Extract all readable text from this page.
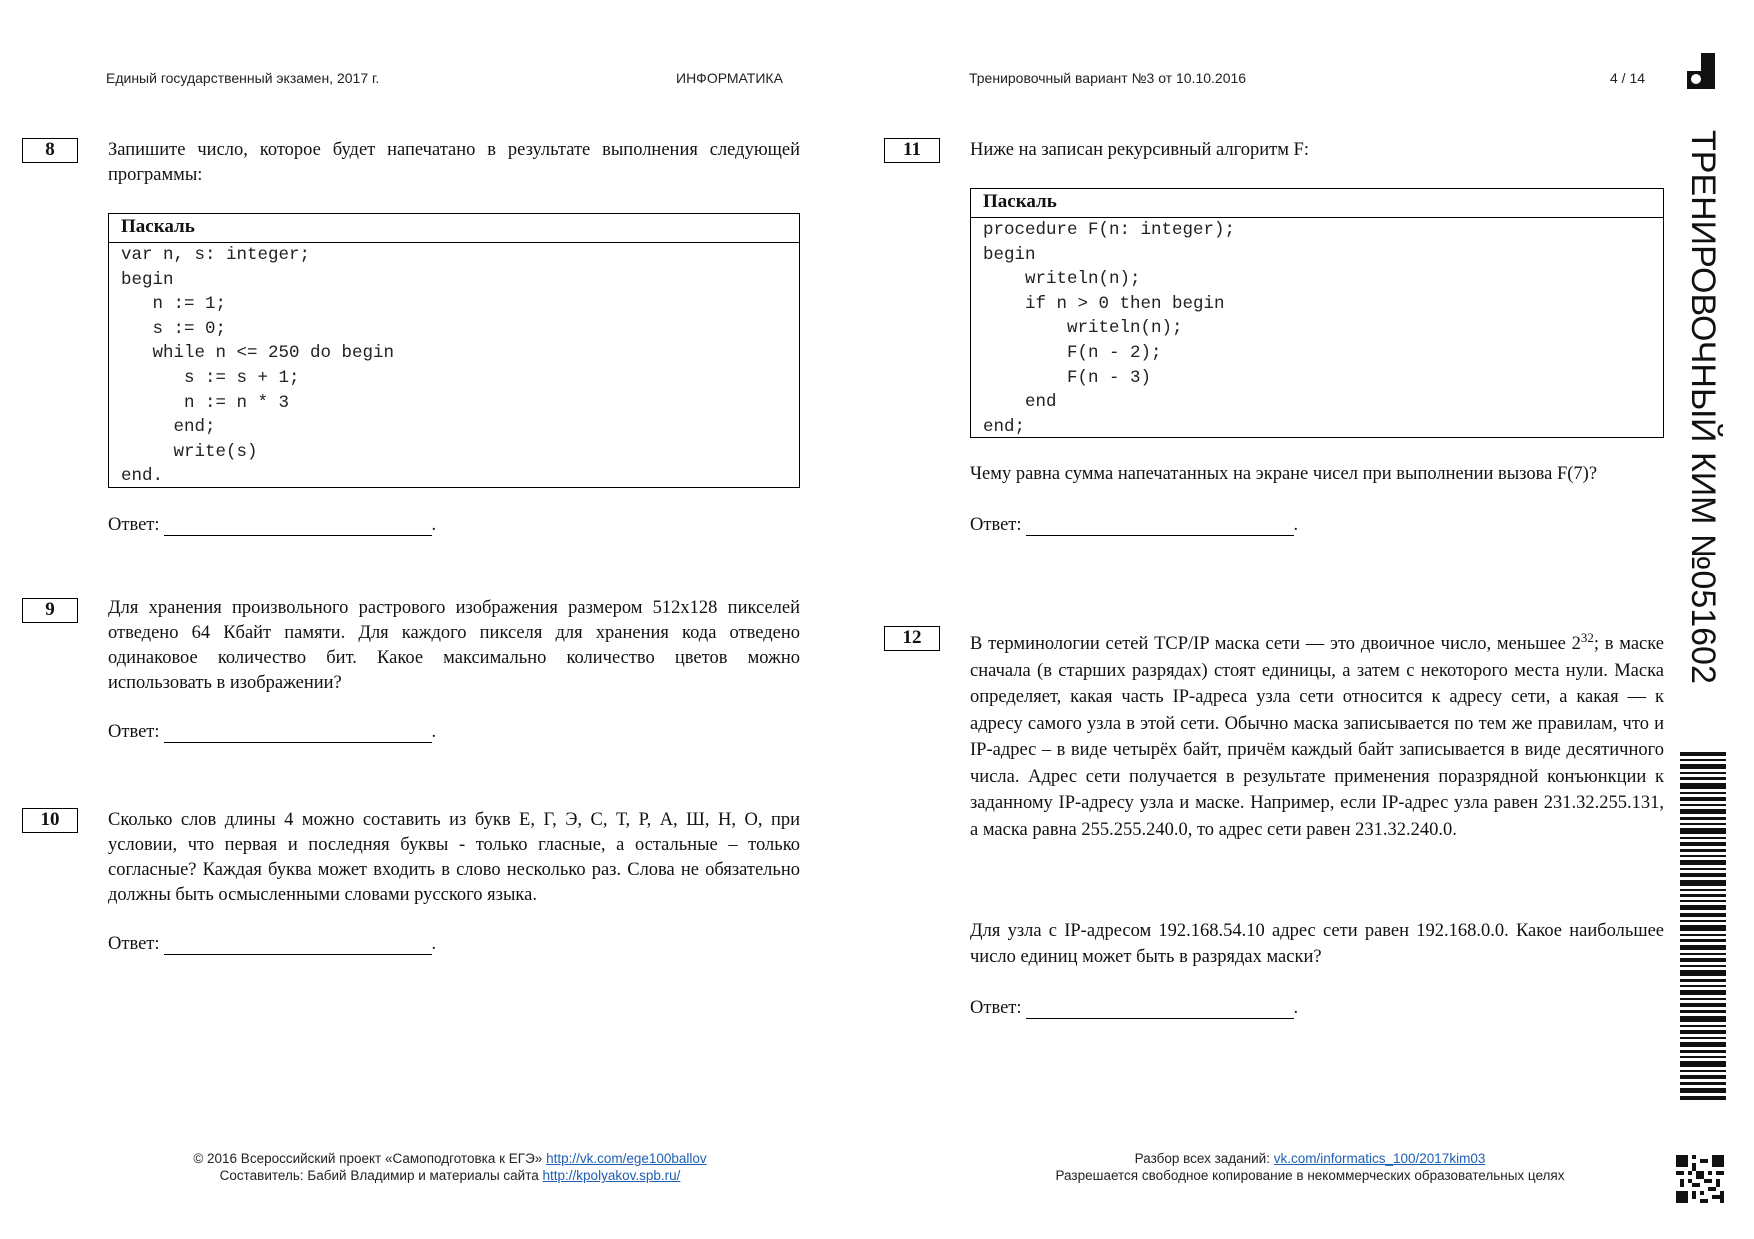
Единый государственный экзамен, 2017 г.	ИНФОРМАТИКА	Тренировочный вариант №3 от 10.10.2016	4 / 14
8	Запишите число, которое будет напечатано в результате выполнения следующей программы:
Паскаль
var n, s: integer;
begin
n := 1;
s := 0;
while n <= 250 do begin
s := s + 1;
n := n * 3
end;
write(s)
end.
Ответ:	.
9	Для хранения произвольного растрового изображения размером 512x128 пикселей отведено 64 Кбайт памяти. Для каждого пикселя для хранения кода отведено одинаковое количество бит. Какое максимально количество цветов можно использовать в изображении?
Ответ:	.
10	Сколько слов длины 4 можно составить из букв Е, Г, Э, С, Т, Р, А, Ш, Н, О, при условии, что первая и последняя буквы - только гласные, а остальные – только согласные? Каждая буква может входить в слово несколько раз. Слова не обязательно должны быть осмысленными словами русского языка.
Ответ:	.
11	Ниже на записан рекурсивный алгоритм F:
Паскаль
procedure F(n: integer);
begin
writeln(n);
if n > 0 then begin
writeln(n);
F(n - 2);
F(n - 3)
end
end;
Чему равна сумма напечатанных на экране чисел при выполнении вызова F(7)?
Ответ:	.
12	В терминологии сетей TCP/IP маска сети — это двоичное число, меньшее $2^{32}$; в маске сначала (в старших разрядах) стоят единицы, а затем с некоторого места нули. Маска определяет, какая часть IP-адреса узла сети относится к адресу сети, а какая — к адресу самого узла в этой сети. Обычно маска записывается по тем же правилам, что и IP-адрес – в виде четырёх байт, причём каждый байт записывается в виде десятичного числа. Адрес сети получается в результате применения поразрядной конъюнкции к заданному IP-адресу узла и маске. Например, если IP-адрес узла равен 231.32.255.131, а маска равна 255.255.240.0, то адрес сети равен 231.32.240.0.
Для узла с IP-адресом 192.168.54.10 адрес сети равен 192.168.0.0. Какое наибольшее число единиц может быть в разрядах маски?
Ответ:	.
ТРЕНИРОВОЧНЫЙ КИМ №051602
© 2016 Всероссийский проект «Самоподготовка к ЕГЭ» http://vk.com/ege100ballov
Составитель: Бабий Владимир и материалы сайта http://kpolyakov.spb.ru/
Разбор всех заданий: vk.com/informatics_100/2017kim03
Разрешается свободное копирование в некоммерческих образовательных целях
